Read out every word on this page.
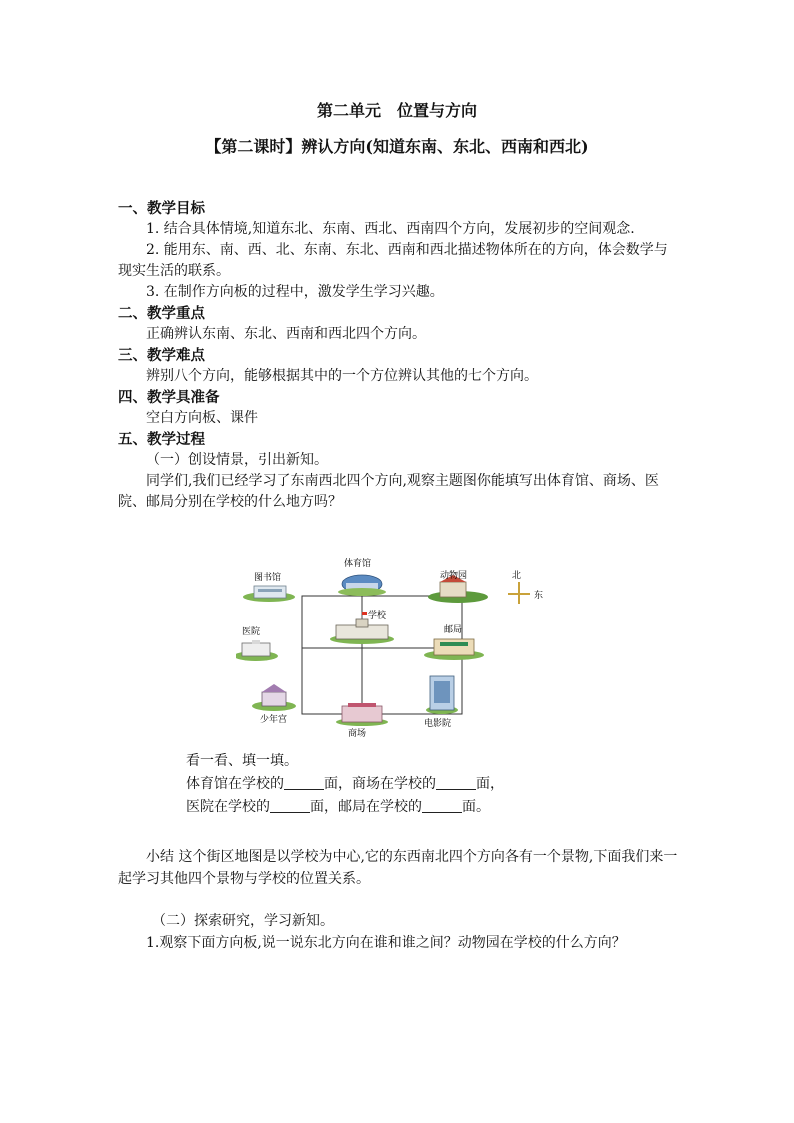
第二单元　位置与方向
【第二课时】辨认方向(知道东南、东北、西南和西北)
一、教学目标

1. 结合具体情境,知道东北、东南、西北、西南四个方向，发展初步的空间观念.

2. 能用东、南、西、北、东南、东北、西南和西北描述物体所在的方向，体会数学与现实生活的联系。

3. 在制作方向板的过程中，激发学生学习兴趣。

二、教学重点

正确辨认东南、东北、西南和西北四个方向。

三、教学难点

辨别八个方向，能够根据其中的一个方位辨认其他的七个方向。

四、教学具准备

空白方向板、课件

五、教学过程

（一）创设情景，引出新知。

同学们,我们已经学习了东南西北四个方向,观察主题图你能填写出体育馆、商场、医院、邮局分别在学校的什么地方吗？

图书馆
体育馆
动物园	北
东
学校
医院	邮局
少年宫
商场
电影院
看一看、填一填。
体育馆在学校的	面，商场在学校的	面，
医院在学校的	面，邮局在学校的	面。

小结 这个街区地图是以学校为中心,它的东西南北四个方向各有一个景物,下面我们来一起学习其他四个景物与学校的位置关系。

（二）探索研究，学习新知。

1.观察下面方向板,说一说东北方向在谁和谁之间？动物园在学校的什么方向？
